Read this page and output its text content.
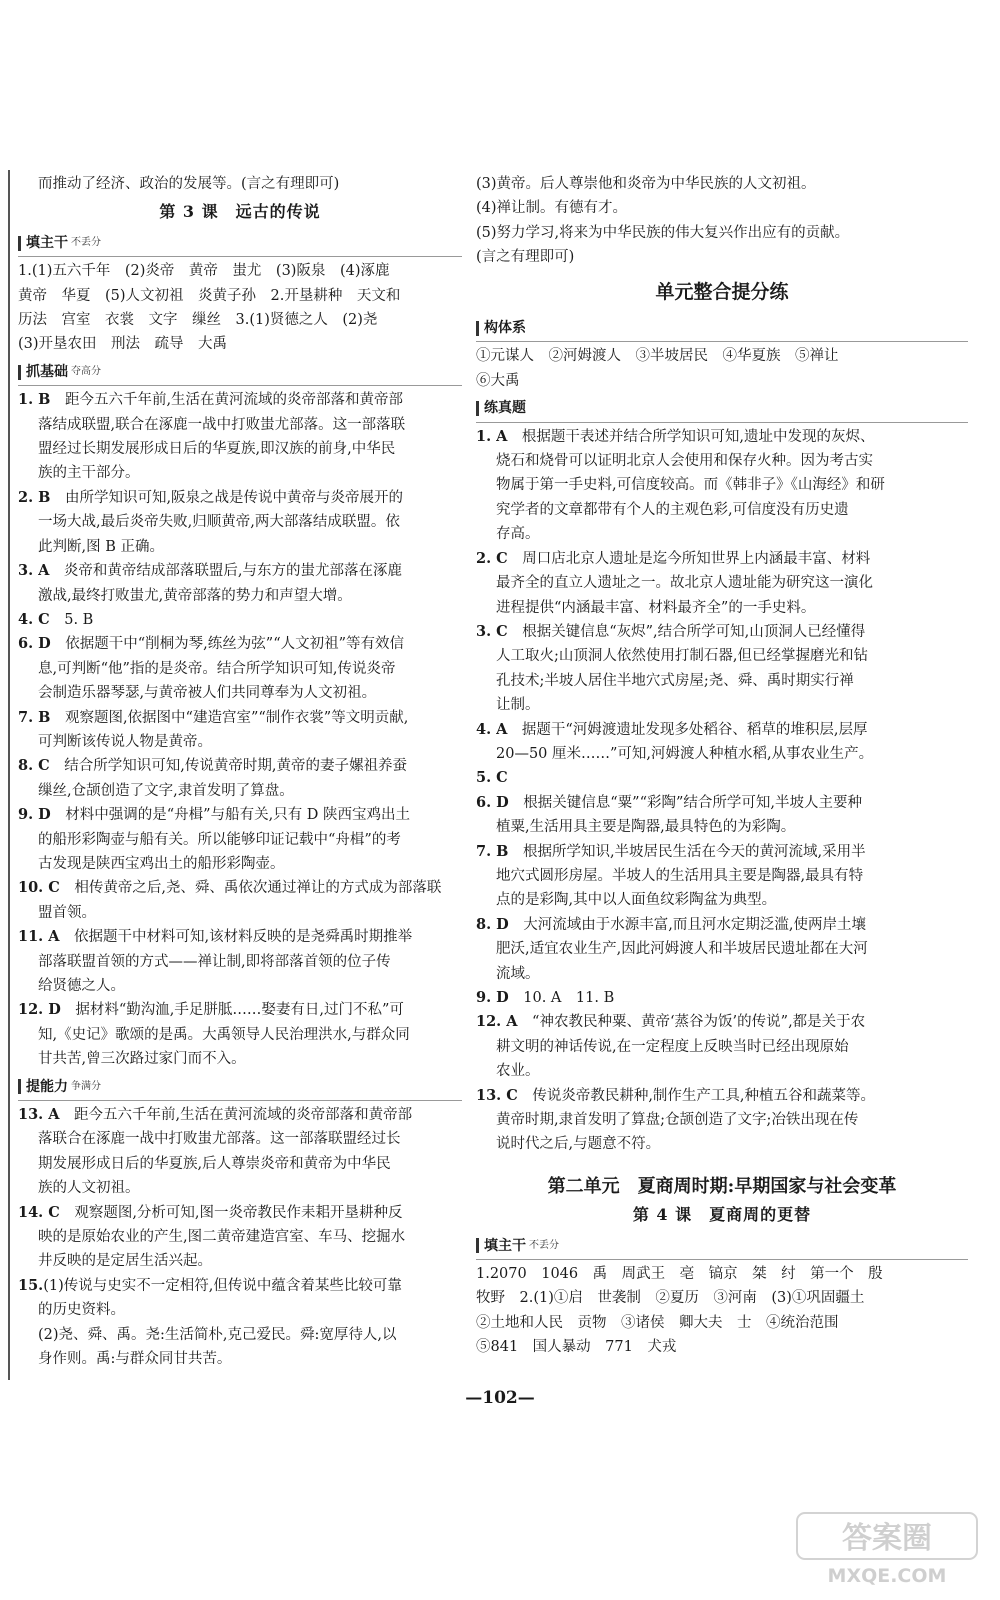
而推动了经济、政治的发展等。(言之有理即可)

第 3 课　远古的传说
填主干 不丢分

1.(1)五六千年　(2)炎帝　黄帝　蚩尤　(3)阪泉　(4)涿鹿

黄帝　华夏　(5)人文初祖　炎黄子孙　2.开垦耕种　天文和

历法　宫室　衣裳　文字　缫丝　3.(1)贤德之人　(2)尧

(3)开垦农田　刑法　疏导　大禹

抓基础 夺高分

1. B　距今五六千年前,生活在黄河流域的炎帝部落和黄帝部

落结成联盟,联合在涿鹿一战中打败蚩尤部落。这一部落联

盟经过长期发展形成日后的华夏族,即汉族的前身,中华民

族的主干部分。

2. B　由所学知识可知,阪泉之战是传说中黄帝与炎帝展开的

一场大战,最后炎帝失败,归顺黄帝,两大部落结成联盟。依

此判断,图 B 正确。

3. A　炎帝和黄帝结成部落联盟后,与东方的蚩尤部落在涿鹿

激战,最终打败蚩尤,黄帝部落的势力和声望大增。

4. C　5. B

6. D　依据题干中“削桐为琴,练丝为弦”“人文初祖”等有效信

息,可判断“他”指的是炎帝。结合所学知识可知,传说炎帝

会制造乐器琴瑟,与黄帝被人们共同尊奉为人文初祖。

7. B　观察题图,依据图中“建造宫室”“制作衣裳”等文明贡献,

可判断该传说人物是黄帝。

8. C　结合所学知识可知,传说黄帝时期,黄帝的妻子嫘祖养蚕

缫丝,仓颉创造了文字,隶首发明了算盘。

9. D　材料中强调的是“舟楫”与船有关,只有 D 陕西宝鸡出土

的船形彩陶壶与船有关。所以能够印证记载中“舟楫”的考

古发现是陕西宝鸡出土的船形彩陶壶。

10. C　相传黄帝之后,尧、舜、禹依次通过禅让的方式成为部落联

盟首领。

11. A　依据题干中材料可知,该材料反映的是尧舜禹时期推举

部落联盟首领的方式——禅让制,即将部落首领的位子传

给贤德之人。

12. D　据材料“勤沟洫,手足胼胝……娶妻有日,过门不私”可

知,《史记》歌颂的是禹。大禹领导人民治理洪水,与群众同

甘共苦,曾三次路过家门而不入。

提能力 争满分

13. A　距今五六千年前,生活在黄河流域的炎帝部落和黄帝部

落联合在涿鹿一战中打败蚩尤部落。这一部落联盟经过长

期发展形成日后的华夏族,后人尊崇炎帝和黄帝为中华民

族的人文初祖。

14. C　观察题图,分析可知,图一炎帝教民作耒耜开垦耕种反

映的是原始农业的产生,图二黄帝建造宫室、车马、挖掘水

井反映的是定居生活兴起。

15.(1)传说与史实不一定相符,但传说中蕴含着某些比较可靠

的历史资料。

(2)尧、舜、禹。尧:生活简朴,克己爱民。舜:宽厚待人,以

身作则。禹:与群众同甘共苦。

(3)黄帝。后人尊崇他和炎帝为中华民族的人文初祖。

(4)禅让制。有德有才。

(5)努力学习,将来为中华民族的伟大复兴作出应有的贡献。

(言之有理即可)

单元整合提分练
构体系

①元谋人　②河姆渡人　③半坡居民　④华夏族　⑤禅让

⑥大禹

练真题

1. A　根据题干表述并结合所学知识可知,遗址中发现的灰烬、

烧石和烧骨可以证明北京人会使用和保存火种。因为考古实

物属于第一手史料,可信度较高。而《韩非子》《山海经》和研

究学者的文章都带有个人的主观色彩,可信度没有历史遗

存高。

2. C　周口店北京人遗址是迄今所知世界上内涵最丰富、材料

最齐全的直立人遗址之一。故北京人遗址能为研究这一演化

进程提供“内涵最丰富、材料最齐全”的一手史料。

3. C　根据关键信息“灰烬”,结合所学可知,山顶洞人已经懂得

人工取火;山顶洞人依然使用打制石器,但已经掌握磨光和钻

孔技术;半坡人居住半地穴式房屋;尧、舜、禹时期实行禅

让制。

4. A　据题干“河姆渡遗址发现多处稻谷、稻草的堆积层,层厚

20—50 厘米……”可知,河姆渡人种植水稻,从事农业生产。

5. C

6. D　根据关键信息“粟”“彩陶”结合所学可知,半坡人主要种

植粟,生活用具主要是陶器,最具特色的为彩陶。

7. B　根据所学知识,半坡居民生活在今天的黄河流域,采用半

地穴式圆形房屋。半坡人的生活用具主要是陶器,最具有特

点的是彩陶,其中以人面鱼纹彩陶盆为典型。

8. D　大河流域由于水源丰富,而且河水定期泛滥,使两岸土壤

肥沃,适宜农业生产,因此河姆渡人和半坡居民遗址都在大河

流域。

9. D　10. A　11. B

12. A　“神农教民种粟、黄帝‘蒸谷为饭’的传说”,都是关于农

耕文明的神话传说,在一定程度上反映当时已经出现原始

农业。

13. C　传说炎帝教民耕种,制作生产工具,种植五谷和蔬菜等。

黄帝时期,隶首发明了算盘;仓颉创造了文字;冶铁出现在传

说时代之后,与题意不符。

第二单元　夏商周时期:早期国家与社会变革
第 4 课　夏商周的更替
填主干 不丢分

1.2070　1046　禹　周武王　亳　镐京　桀　纣　第一个　殷

牧野　2.(1)①启　世袭制　②夏历　③河南　(3)①巩固疆土

②土地和人民　贡物　③诸侯　卿大夫　士　④统治范围

⑤841　国人暴动　771　犬戎

—102—
答案圈
MXQE.COM
